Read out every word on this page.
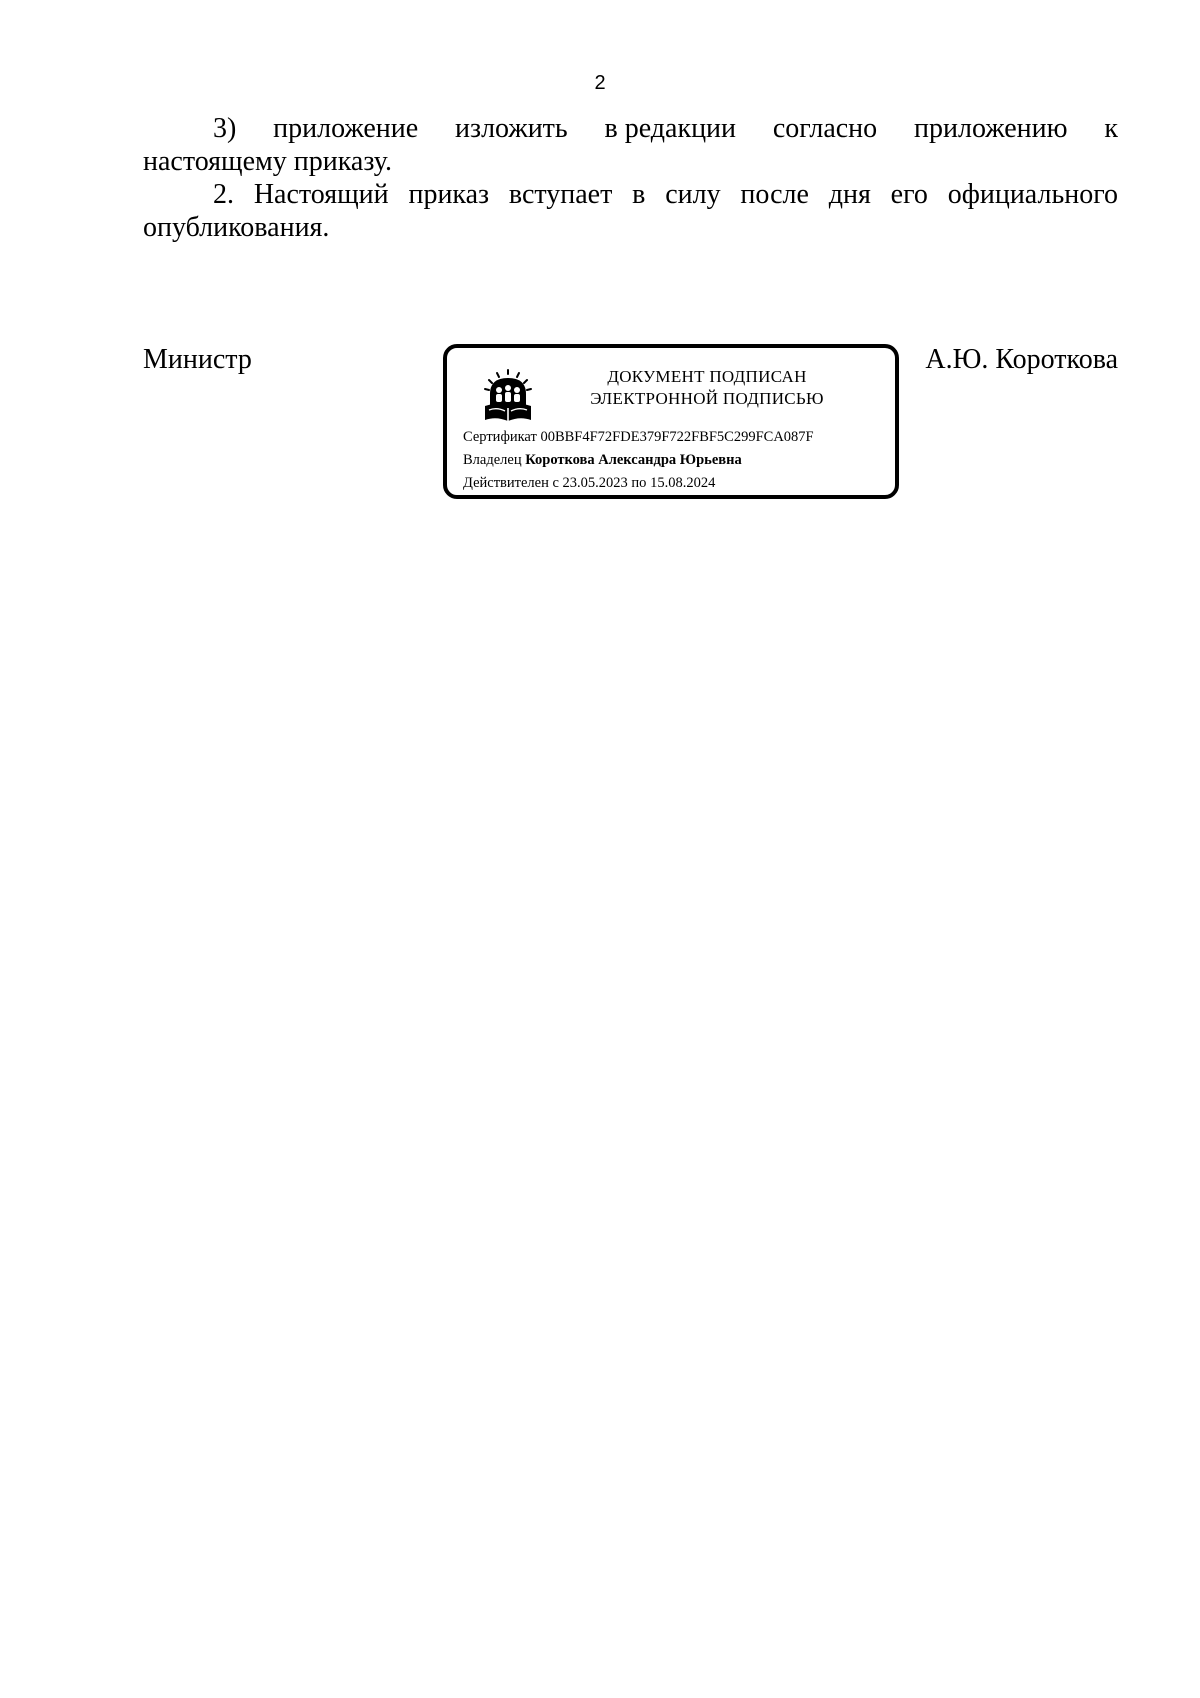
2

3) приложение изложить в редакции согласно приложению к

настоящему приказу.

2. Настоящий приказ вступает в силу после дня его официального опубликования.

Министр	А.Ю. Короткова
ДОКУМЕНТ ПОДПИСАН
ЭЛЕКТРОННОЙ ПОДПИСЬЮ
Сертификат 00BBF4F72FDE379F722FBF5C299FCA087F
Владелец Короткова Александра Юрьевна
Действителен с 23.05.2023 по 15.08.2024
